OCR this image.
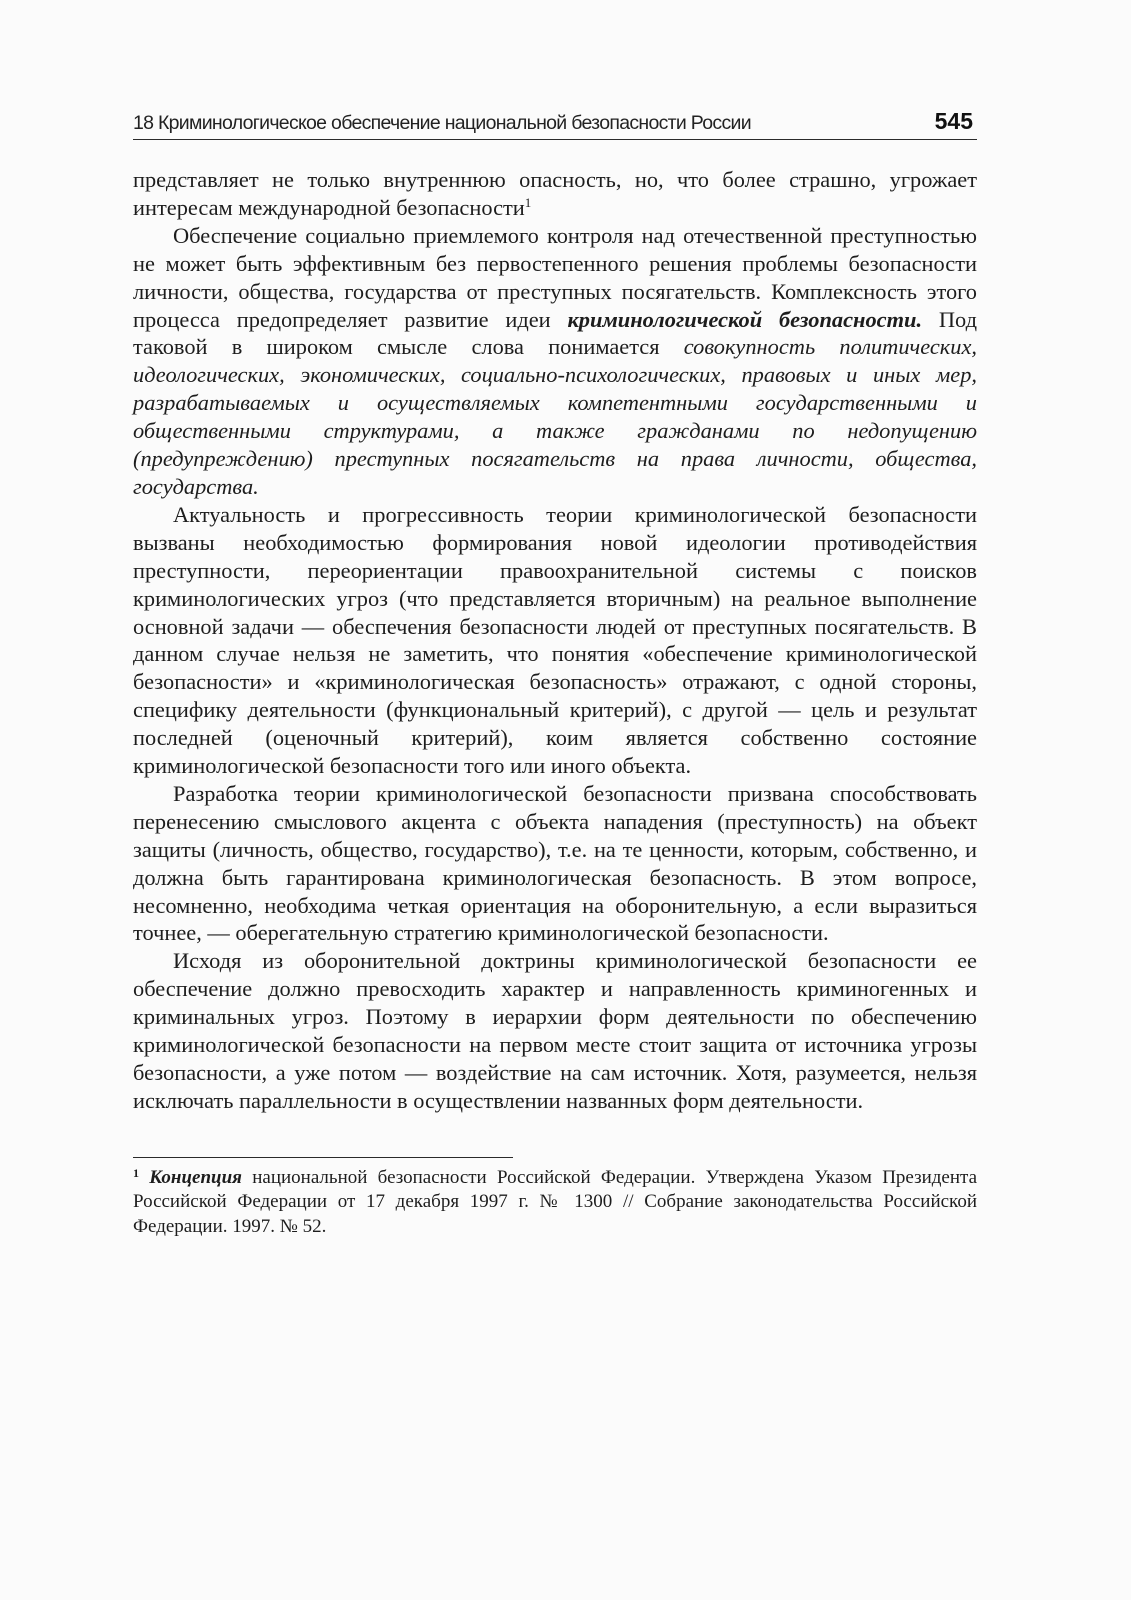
18 Криминологическое обеспечение национальной безопасности России	545

представляет не только внутреннюю опасность, но, что более страшно, угрожает интересам международной безопасности$^1$

Обеспечение социально приемлемого контроля над отечественной преступностью не может быть эффективным без первостепенного решения проблемы безопасности личности, общества, государства от преступных посягательств. Комплексность этого процесса предопределяет развитие идеи криминологической безопасности. Под таковой в широком смысле слова понимается совокупность политических, идеологических, экономических, социально-психологических, правовых и иных мер, разрабатываемых и осуществляемых компетентными государственными и общественными структурами, а также гражданами по недопущению (предупреждению) преступных посягательств на права личности, общества, государства.

Актуальность и прогрессивность теории криминологической безопасности вызваны необходимостью формирования новой идеологии противодействия преступности, переориентации правоохранительной системы с поисков криминологических угроз (что представляется вторичным) на реальное выполнение основной задачи — обеспечения безопасности людей от преступных посягательств. В данном случае нельзя не заметить, что понятия «обеспечение криминологической безопасности» и «криминологическая безопасность» отражают, с одной стороны, специфику деятельности (функциональный критерий), с другой — цель и результат последней (оценочный критерий), коим является собственно состояние криминологической безопасности того или иного объекта.

Разработка теории криминологической безопасности призвана способствовать перенесению смыслового акцента с объекта нападения (преступность) на объект защиты (личность, общество, государство), т.е. на те ценности, которым, собственно, и должна быть гарантирована криминологическая безопасность. В этом вопросе, несомненно, необходима четкая ориентация на оборонительную, а если выразиться точнее, — оберегательную стратегию криминологической безопасности.

Исходя из оборонительной доктрины криминологической безопасности ее обеспечение должно превосходить характер и направленность криминогенных и криминальных угроз. Поэтому в иерархии форм деятельности по обеспечению криминологической безопасности на первом месте стоит защита от источника угрозы безопасности, а уже потом — воздействие на сам источник. Хотя, разумеется, нельзя исключать параллельности в осуществлении названных форм деятельности.

$^1$ Концепция национальной безопасности Российской Федерации. Утверждена Указом Президента Российской Федерации от 17 декабря 1997 г. № 1300 // Собрание законодательства Российской Федерации. 1997. № 52.
